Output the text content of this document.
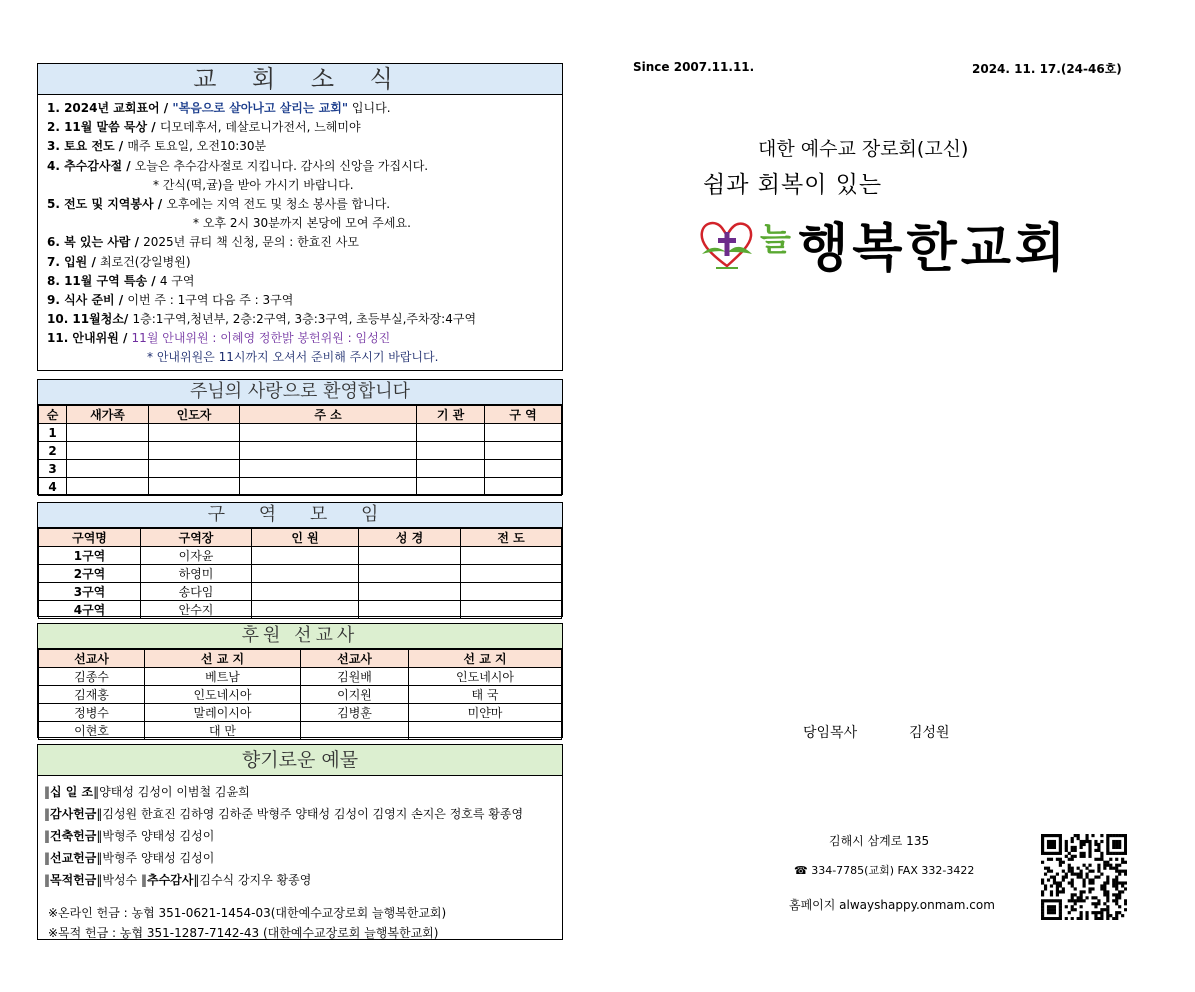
교 회 소 식
1. 2024년 교회표어 / "복음으로 살아나고 살리는 교회" 입니다.
2. 11월 말씀 묵상 / 디모데후서, 데살로니가전서, 느헤미야
3. 토요 전도 / 매주 토요일, 오전10:30분
4. 추수감사절 / 오늘은 추수감사절로 지킵니다. 감사의 신앙을 가집시다.
* 간식(떡,귤)을 받아 가시기 바랍니다.
5. 전도 및 지역봉사 / 오후에는 지역 전도 및 청소 봉사를 합니다.
* 오후 2시 30분까지 본당에 모여 주세요.
6. 복 있는 사람 / 2025년 큐티 책 신청, 문의 : 한효진 사모
7. 입원 / 최로건(강일병원)
8. 11월 구역 특송 / 4 구역
9. 식사 준비 / 이번 주 : 1구역 다음 주 : 3구역
10. 11월청소/ 1층:1구역,청년부, 2층:2구역, 3층:3구역, 초등부실,주차장:4구역
11. 안내위원 / 11월 안내위원 : 이혜영 정한밝 봉헌위원 : 임성진
* 안내위원은 11시까지 오셔서 준비해 주시기 바랍니다.
주님의 사랑으로 환영합니다
순	새가족	인도자	주 소	기 관	구 역
1					
2					
3					
4					
구 역 모 임
구역명	구역장	인 원	성 경	전 도
1구역	이자윤			
2구역	하영미			
3구역	송다임			
4구역	안수지			
후원 선교사
선교사	선 교 지	선교사	선 교 지
김종수	베트남	김원배	인도네시아
김재홍	인도네시아	이지원	태 국
정병수	말레이시아	김병훈	미얀마
이현호	대 만		
향기로운 예물
‖십 일 조‖양태성 김성이 이범철 김윤희
‖감사헌금‖김성원 한효진 김하영 김하준 박형주 양태성 김성이 김영지 손지은 정호륵 황종영
‖건축헌금‖박형주 양태성 김성이
‖선교헌금‖박형주 양태성 김성이
‖목적헌금‖박성수 ‖추수감사‖김수식 강지우 황종영
※온라인 헌금 : 농협 351-0621-1454-03(대한예수교장로회 늘행복한교회)
※목적 헌금 : 농협 351-1287-7142-43 (대한예수교장로회 늘행복한교회)
Since 2007.11.11.	2024. 11. 17.(24-46호)
대한 예수교 장로회(고신)
쉼과 회복이 있는
늘 행복한교회
당임목사	김성원
김해시 삼계로 135
☎ 334-7785(교회) FAX 332-3422
홈페이지 alwayshappy.onmam.com
